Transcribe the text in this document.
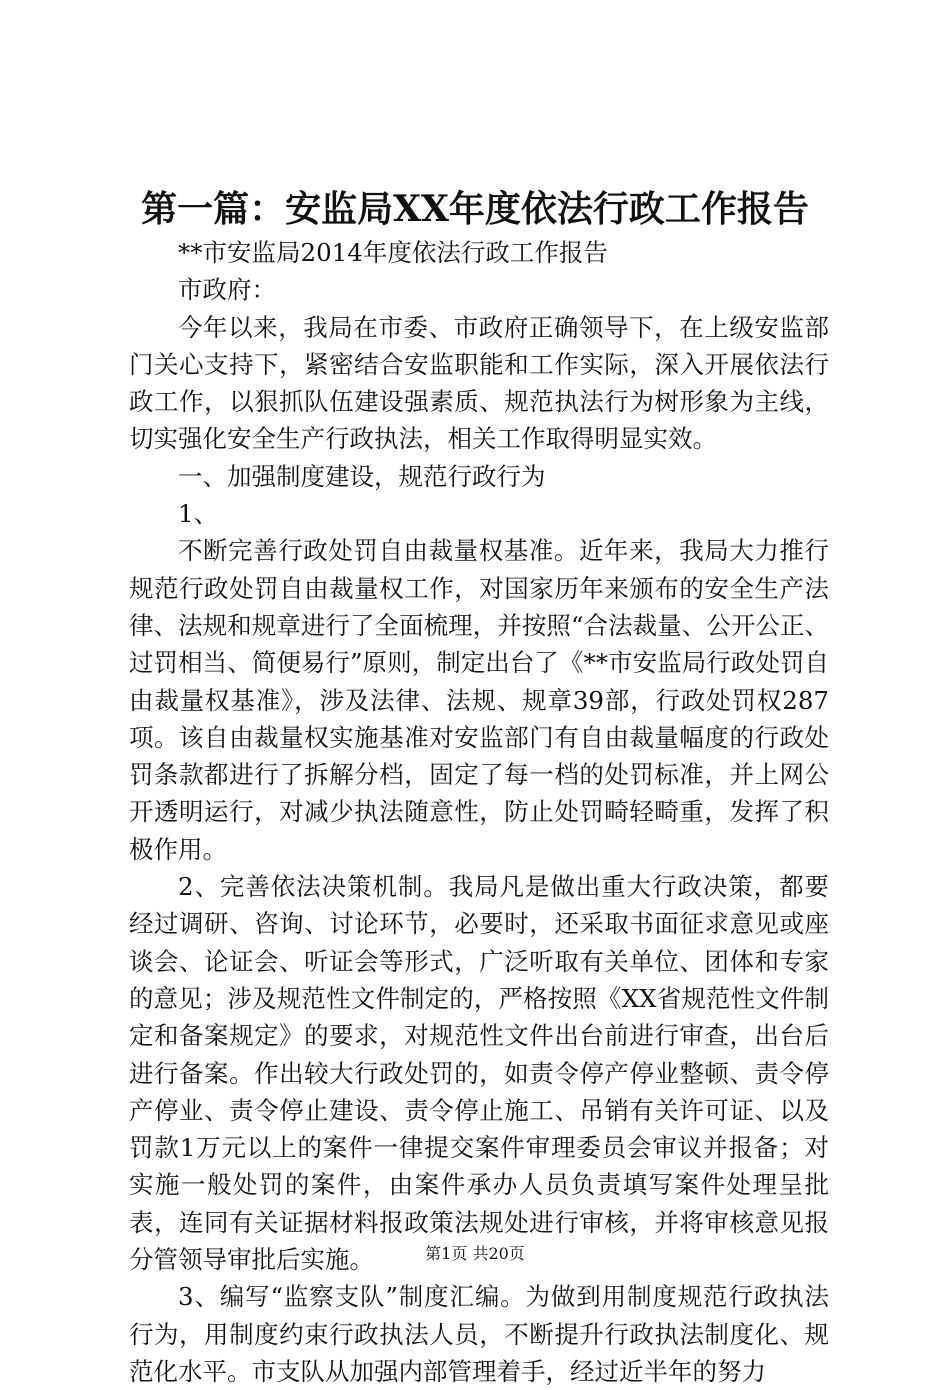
第一篇：安监局XX年度依法行政工作报告

**市安监局2014年度依法行政工作报告

市政府：

今年以来，我局在市委、市政府正确领导下，在上级安监部门关心支持下，紧密结合安监职能和工作实际，深入开展依法行政工作，以狠抓队伍建设强素质、规范执法行为树形象为主线，切实强化安全生产行政执法，相关工作取得明显实效。

一、加强制度建设，规范行政行为

1、

不断完善行政处罚自由裁量权基准。近年来，我局大力推行规范行政处罚自由裁量权工作，对国家历年来颁布的安全生产法律、法规和规章进行了全面梳理，并按照“合法裁量、公开公正、过罚相当、简便易行”原则，制定出台了《**市安监局行政处罚自由裁量权基准》，涉及法律、法规、规章39部，行政处罚权287项。该自由裁量权实施基准对安监部门有自由裁量幅度的行政处罚条款都进行了拆解分档，固定了每一档的处罚标准，并上网公开透明运行，对减少执法随意性，防止处罚畸轻畸重，发挥了积极作用。

2、完善依法决策机制。我局凡是做出重大行政决策，都要经过调研、咨询、讨论环节，必要时，还采取书面征求意见或座谈会、论证会、听证会等形式，广泛听取有关单位、团体和专家的意见；涉及规范性文件制定的，严格按照《XX省规范性文件制定和备案规定》的要求，对规范性文件出台前进行审查，出台后进行备案。作出较大行政处罚的，如责令停产停业整顿、责令停产停业、责令停止建设、责令停止施工、吊销有关许可证、以及罚款1万元以上的案件一律提交案件审理委员会审议并报备；对实施一般处罚的案件，由案件承办人员负责填写案件处理呈批表，连同有关证据材料报政策法规处进行审核，并将审核意见报分管领导审批后实施。

3、编写“监察支队”制度汇编。为做到用制度规范行政执法行为，用制度约束行政执法人员，不断提升行政执法制度化、规范化水平。市支队从加强内部管理着手，经过近半年的努力

第1页 共20页
